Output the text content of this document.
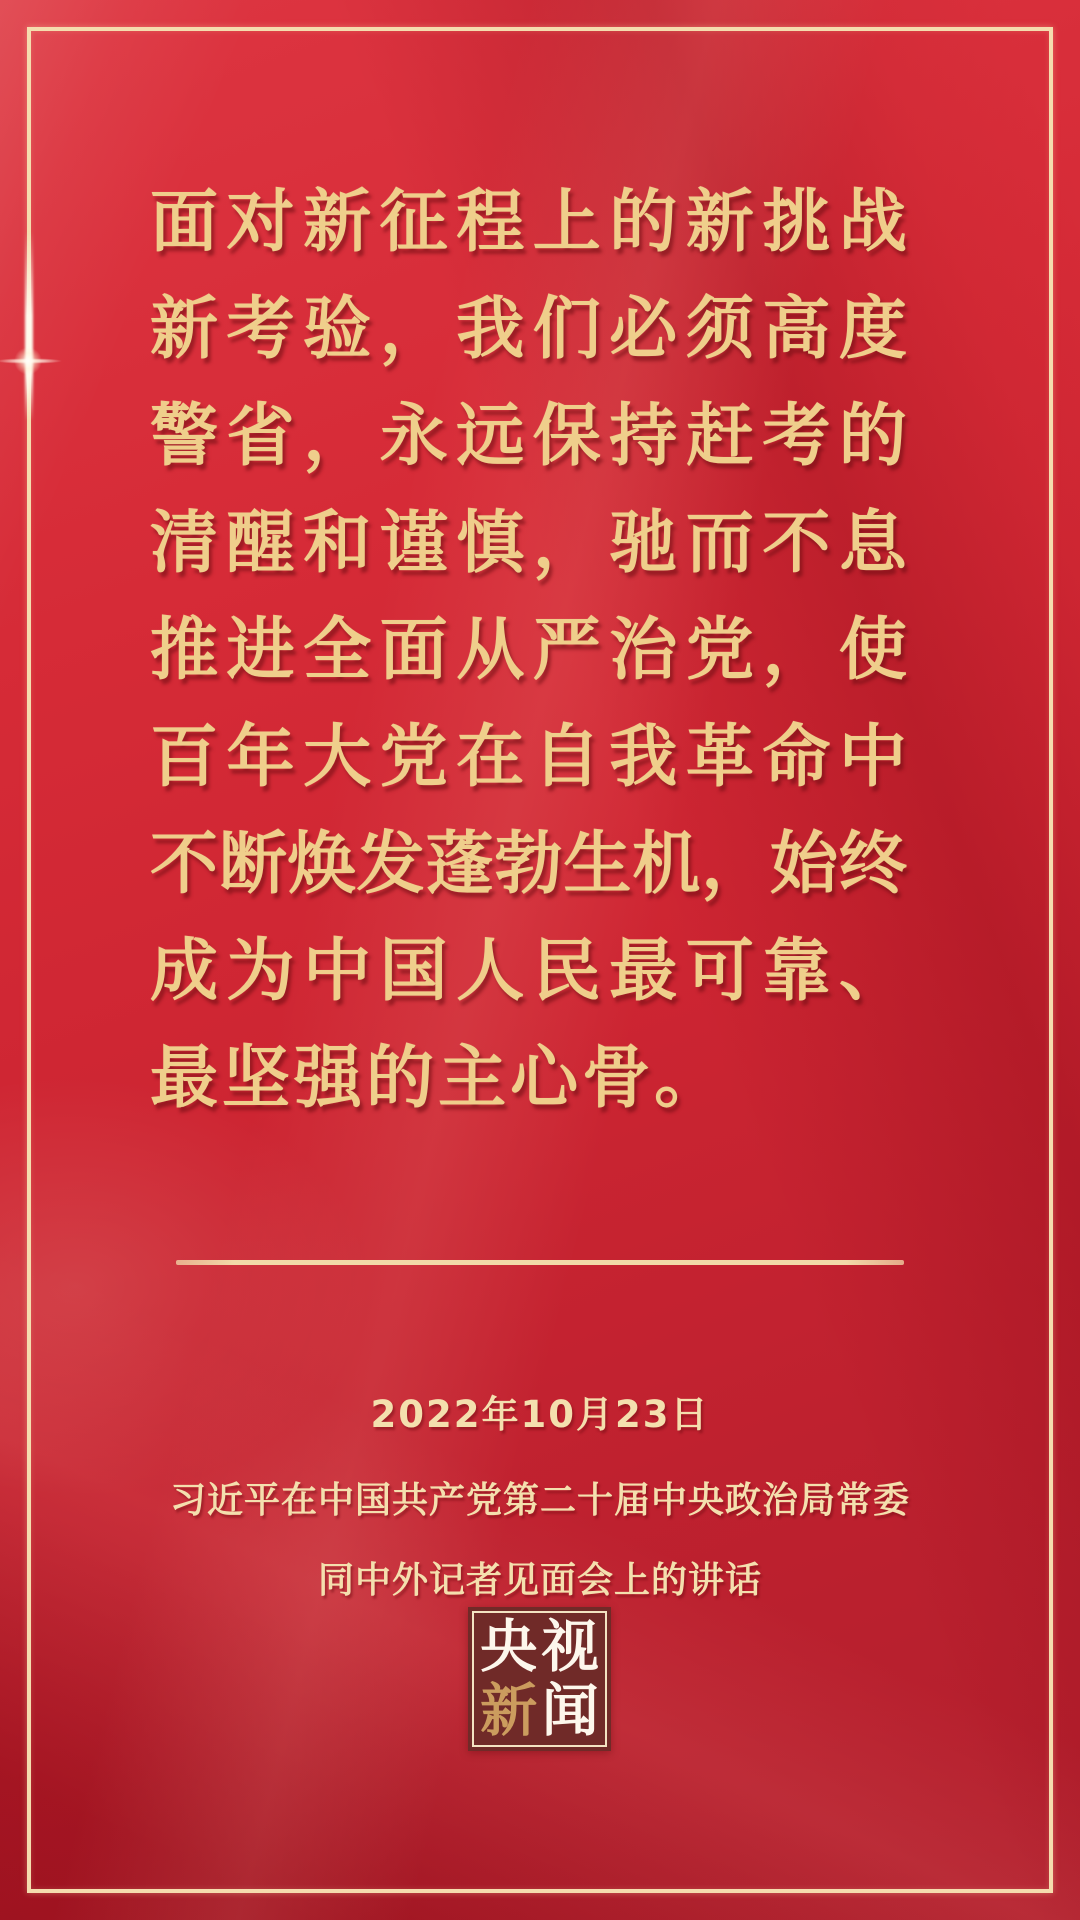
面 对 新 征 程 上 的 新 挑 战
新 考 验 ， 我 们 必 须 高 度
警 省 ， 永 远 保 持 赶 考 的
清 醒 和 谨 慎 ， 驰 而 不 息
推 进 全 面 从 严 治 党 ， 使
百 年 大 党 在 自 我 革 命 中
不 断 焕 发 蓬 勃 生 机 ， 始 终
成 为 中 国 人 民 最 可 靠 、
最 坚 强 的 主 心 骨 。
2022年10月23日
习近平在中国共产党第二十届中央政治局常委
同中外记者见面会上的讲话
央 视
新 闻
